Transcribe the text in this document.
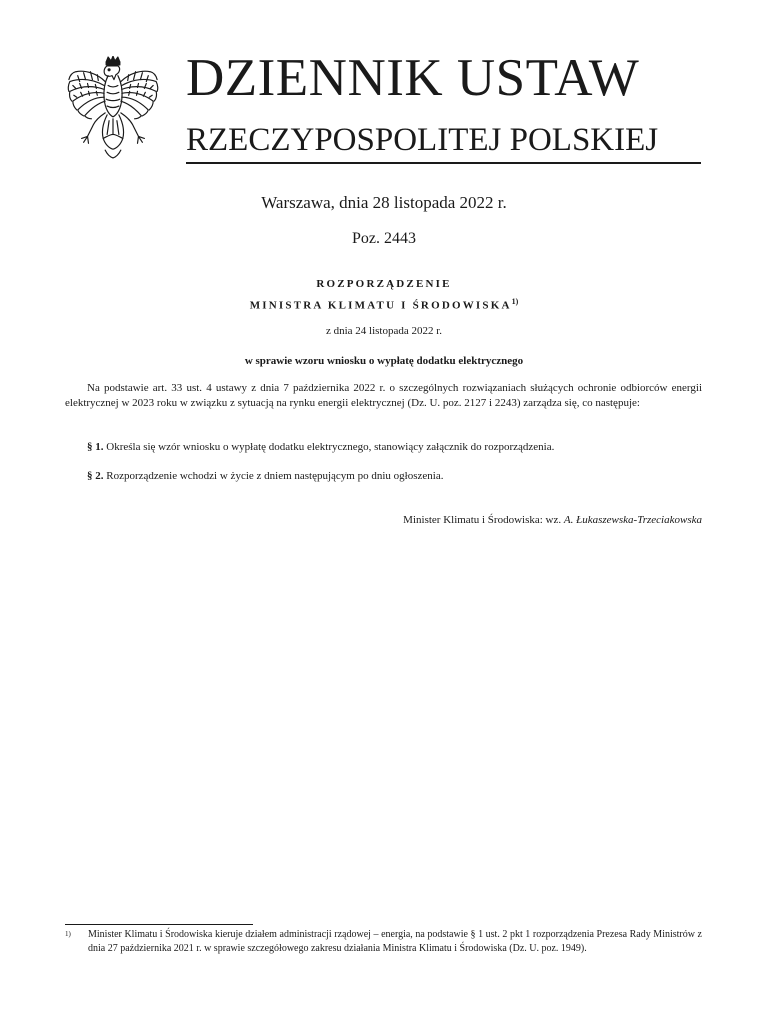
DZIENNIK USTAW
RZECZYPOSPOLITEJ POLSKIEJ
Warszawa, dnia 28 listopada 2022 r.
Poz. 2443
ROZPORZĄDZENIE
MINISTRA KLIMATU I ŚRODOWISKA$^{1)}$
z dnia 24 listopada 2022 r.
w sprawie wzoru wniosku o wypłatę dodatku elektrycznego

Na podstawie art. 33 ust. 4 ustawy z dnia 7 października 2022 r. o szczególnych rozwiązaniach służących ochronie odbiorców energii elektrycznej w 2023 roku w związku z sytuacją na rynku energii elektrycznej (Dz. U. poz. 2127 i 2243) zarządza się, co następuje:

§ 1. Określa się wzór wniosku o wypłatę dodatku elektrycznego, stanowiący załącznik do rozporządzenia.

§ 2. Rozporządzenie wchodzi w życie z dniem następującym po dniu ogłoszenia.

Minister Klimatu i Środowiska: wz. A. Łukaszewska-Trzeciakowska
1) Minister Klimatu i Środowiska kieruje działem administracji rządowej – energia, na podstawie § 1 ust. 2 pkt 1 rozporządzenia Prezesa Rady Ministrów z dnia 27 października 2021 r. w sprawie szczegółowego zakresu działania Ministra Klimatu i Środowiska (Dz. U. poz. 1949).
